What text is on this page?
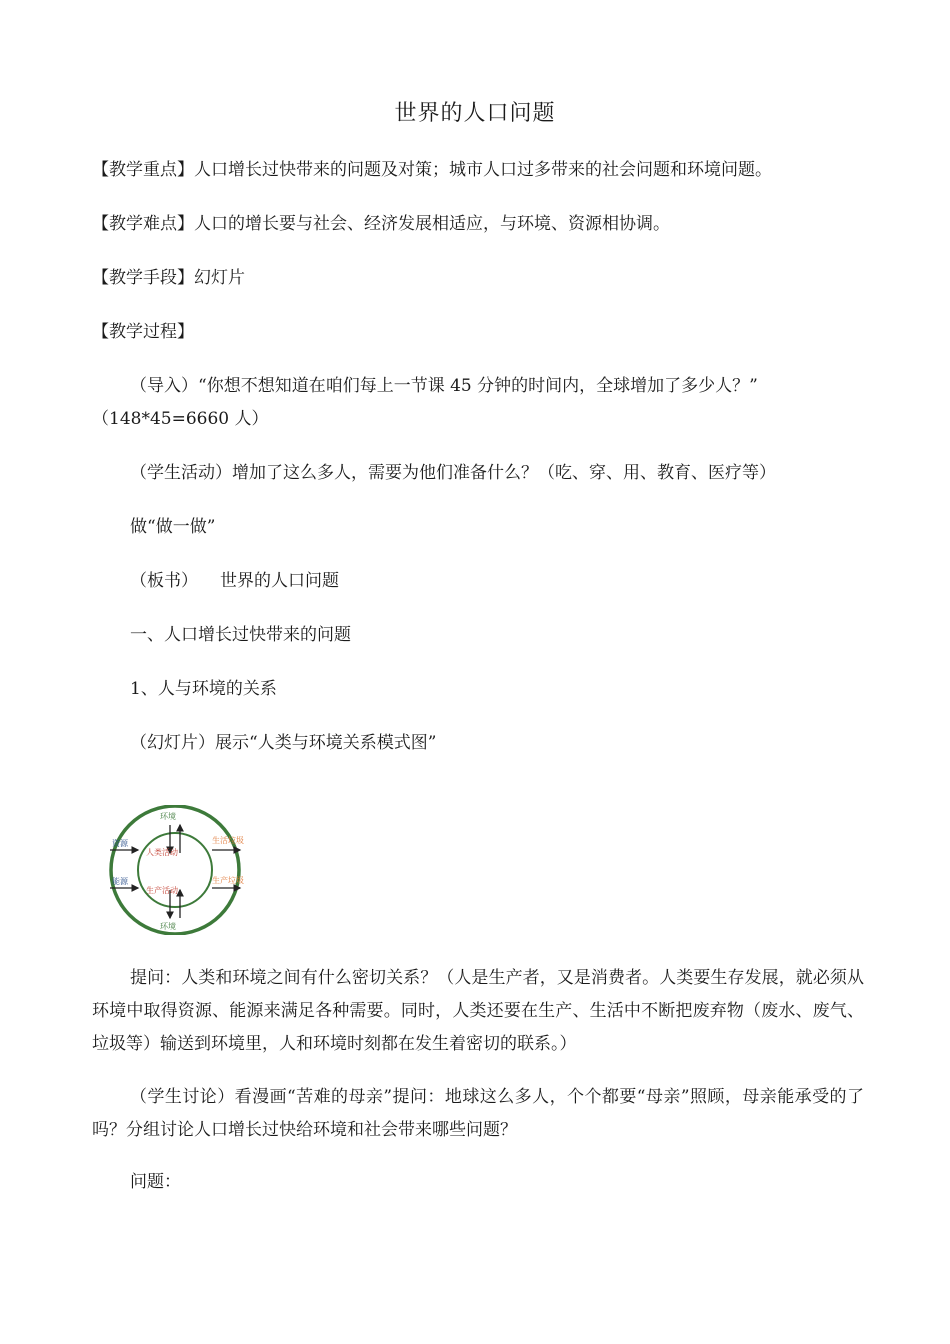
世界的人口问题
【教学重点】人口增长过快带来的问题及对策；城市人口过多带来的社会问题和环境问题。
【教学难点】人口的增长要与社会、经济发展相适应，与环境、资源相协调。
【教学手段】幻灯片
【教学过程】
（导入）“你想不想知道在咱们每上一节课 45 分钟的时间内，全球增加了多少人？”
（148*45=6660 人）
（学生活动）增加了这么多人，需要为他们准备什么？（吃、穿、用、教育、医疗等）
做“做一做”
（板书） 世界的人口问题
一、人口增长过快带来的问题
1、人与环境的关系
（幻灯片）展示“人类与环境关系模式图”
环境
环境
资源
能源
人类活动
生产活动
生活垃圾
生产垃圾
提问：人类和环境之间有什么密切关系？（人是生产者，又是消费者。人类要生存发展，就必须从环境中取得资源、能源来满足各种需要。同时，人类还要在生产、生活中不断把废弃物（废水、废气、垃圾等）输送到环境里，人和环境时刻都在发生着密切的联系。）
（学生讨论）看漫画“苦难的母亲”提问：地球这么多人，个个都要“母亲”照顾，母亲能承受的了吗？分组讨论人口增长过快给环境和社会带来哪些问题？
问题：
